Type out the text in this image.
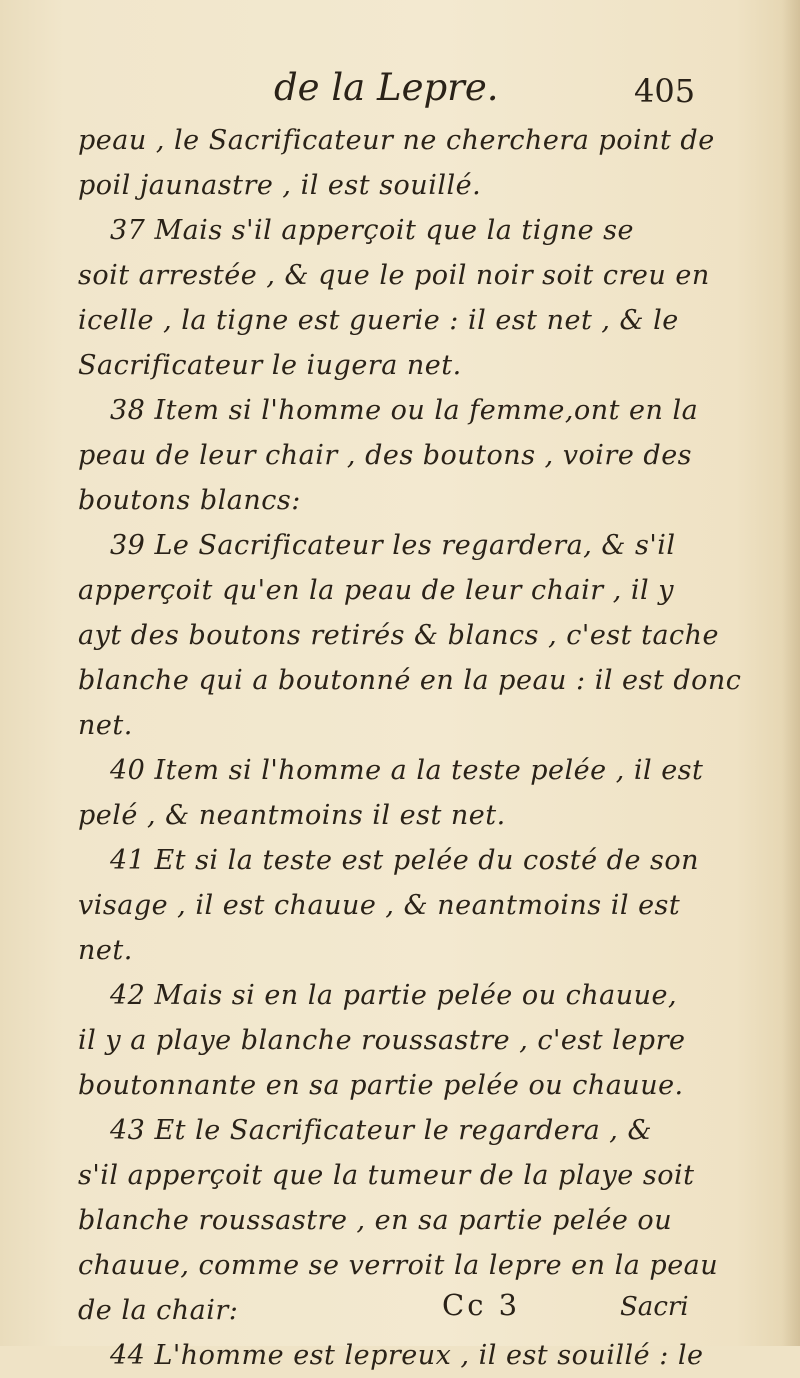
de la Lepre.	405
peau , le Sacrificateur ne cherchera point de
poil jaunastre , il est souillé.
37 Mais s'il apperçoit que la tigne se
soit arrestée , & que le poil noir soit creu en
icelle , la tigne est guerie : il est net , & le
Sacrificateur le iugera net.
38 Item si l'homme ou la femme,ont en la
peau de leur chair , des boutons , voire des
boutons blancs:
39 Le Sacrificateur les regardera, & s'il
apperçoit qu'en la peau de leur chair , il y
ayt des boutons retirés & blancs , c'est tache
blanche qui a boutonné en la peau : il est donc
net.
40 Item si l'homme a la teste pelée , il est
pelé , & neantmoins il est net.
41 Et si la teste est pelée du costé de son
visage , il est chauue , & neantmoins il est
net.
42 Mais si en la partie pelée ou chauue,
il y a playe blanche roussastre , c'est lepre
boutonnante en sa partie pelée ou chauue.
43 Et le Sacrificateur le regardera , &
s'il apperçoit que la tumeur de la playe soit
blanche roussastre , en sa partie pelée ou
chauue, comme se verroit la lepre en la peau
de la chair:
44 L'homme est lepreux , il est souillé : le
Cc 3	Sacri
